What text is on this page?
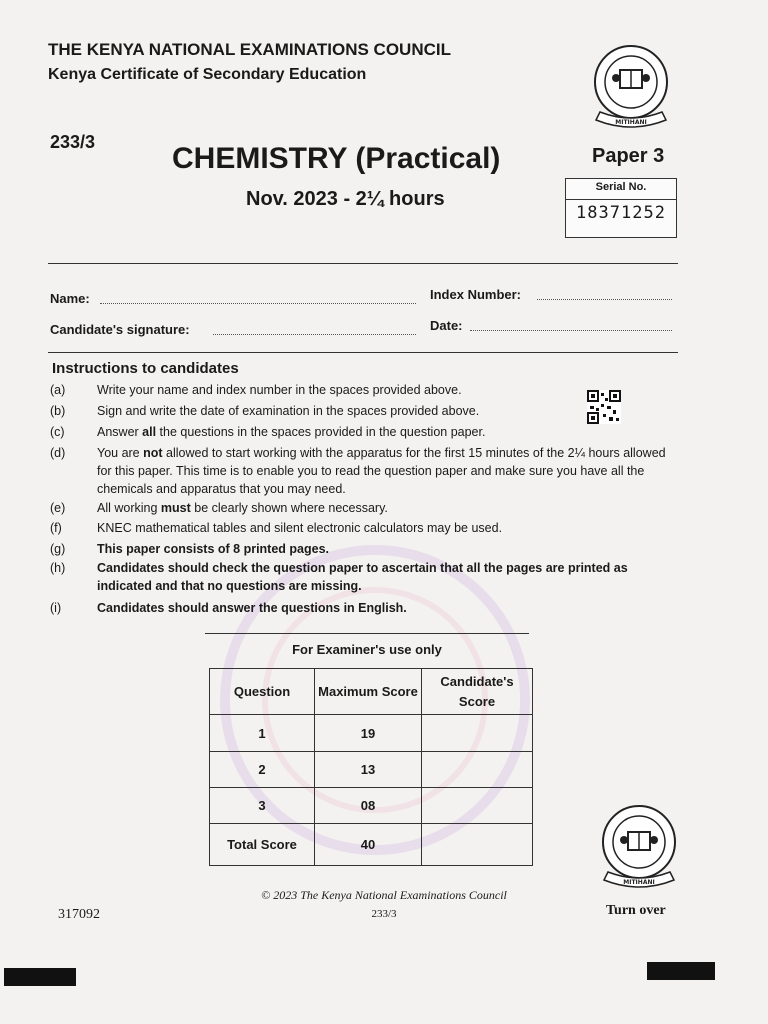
THE KENYA NATIONAL EXAMINATIONS COUNCIL
Kenya Certificate of Secondary Education
233/3	CHEMISTRY (Practical)	Paper 3
Nov. 2023 - 2¼ hours
MITIHANI
Serial No.
18371252
Name:	Index Number:
Candidate's signature:	Date:
Instructions to candidates
(a)	Write your name and index number in the spaces provided above.
(b)	Sign and write the date of examination in the spaces provided above.
(c)	Answer all the questions in the spaces provided in the question paper.
(d)	You are not allowed to start working with the apparatus for the first 15 minutes of the 2¼ hours allowed for this paper. This time is to enable you to read the question paper and make sure you have all the chemicals and apparatus that you may need.
(e)	All working must be clearly shown where necessary.
(f)	KNEC mathematical tables and silent electronic calculators may be used.
(g)	This paper consists of 8 printed pages.
(h)	Candidates should check the question paper to ascertain that all the pages are printed as indicated and that no questions are missing.
(i)	Candidates should answer the questions in English.
For Examiner's use only
Question	Maximum Score	Candidate's Score
1	19	
2	13	
3	08	
Total Score	40	
MITIHANI
© 2023 The Kenya National Examinations Council
233/3
317092	Turn over
